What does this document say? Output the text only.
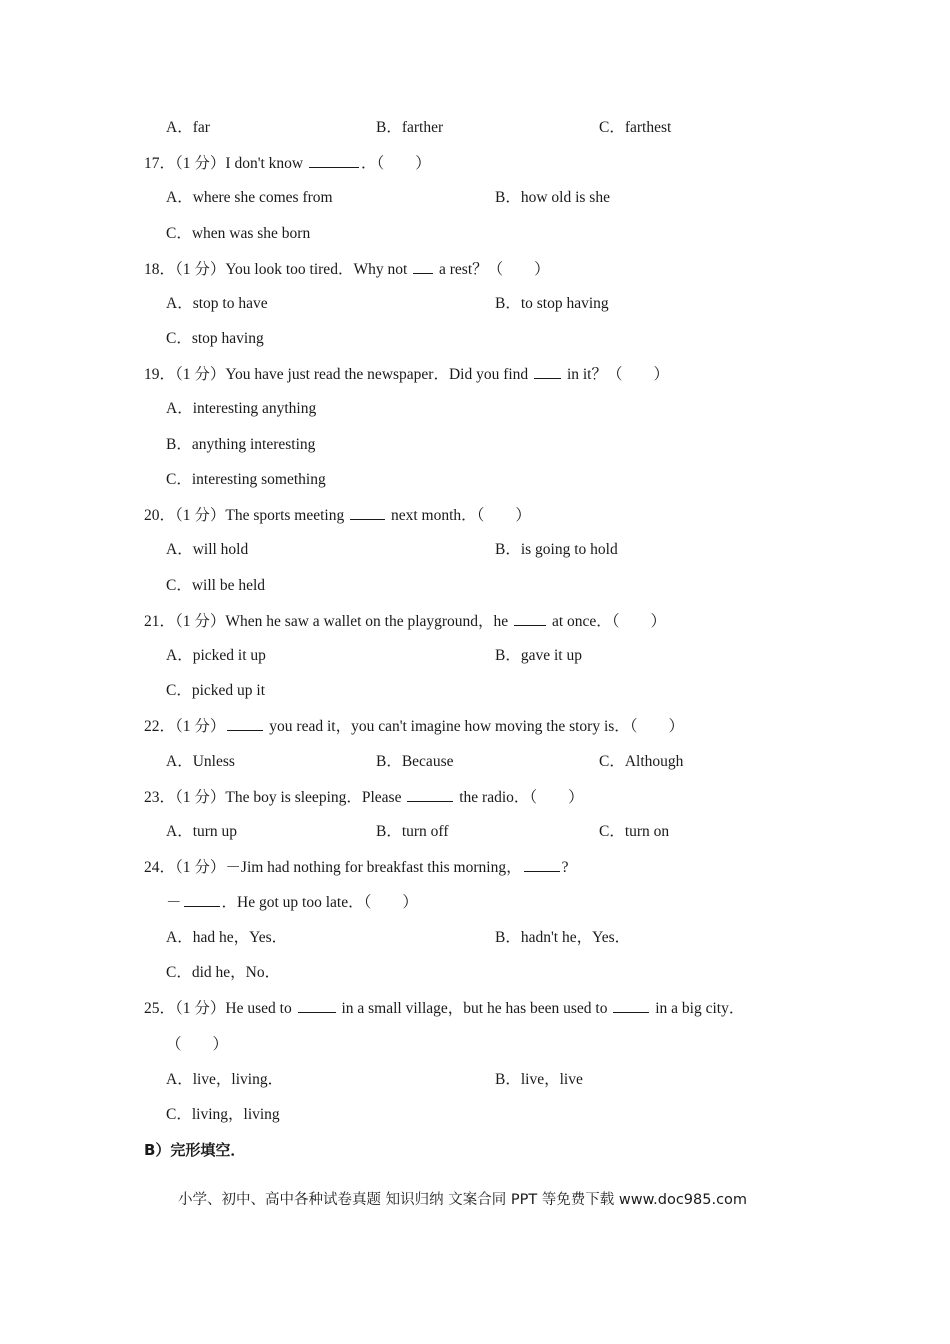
A．far	B．farther	C．farthest
17．（1 分）I don't know	．（　　）
A．where she comes from	B．how old is she
C．when was she born
18．（1 分）You look too tired．Why not a rest？（　　）
A．stop to have	B．to stop having
C．stop having
19．（1 分）You have just read the newspaper．Did you find	in it？（　　）
A．interesting anything
B．anything interesting
C．interesting something
20．（1 分）The sports meeting	next month．（　　）
A．will hold	B．is going to hold
C．will be held
21．（1 分）When he saw a wallet on the playground，he	at once．（　　）
A．picked it up	B．gave it up
C．picked up it
22．（1 分）	you read it，you can't imagine how moving the story is．（　　）
A．Unless	B．Because	C．Although
23．（1 分）The boy is sleeping．Please	the radio．（　　）
A．turn up	B．turn off	C．turn on
24．（1 分）－Jim had nothing for breakfast this morning，	?
－	．He got up too late．（　　）
A．had he，Yes．	B．hadn't he，Yes．
C．did he，No．
25．（1 分）He used to	in a small village，but he has been used to	in a big city．
（　　）
A．live，living．	B．live，live
C．living，living
B）完形填空．
小学、初中、高中各种试卷真题 知识归纳 文案合同 PPT 等免费下载 www.doc985.com
